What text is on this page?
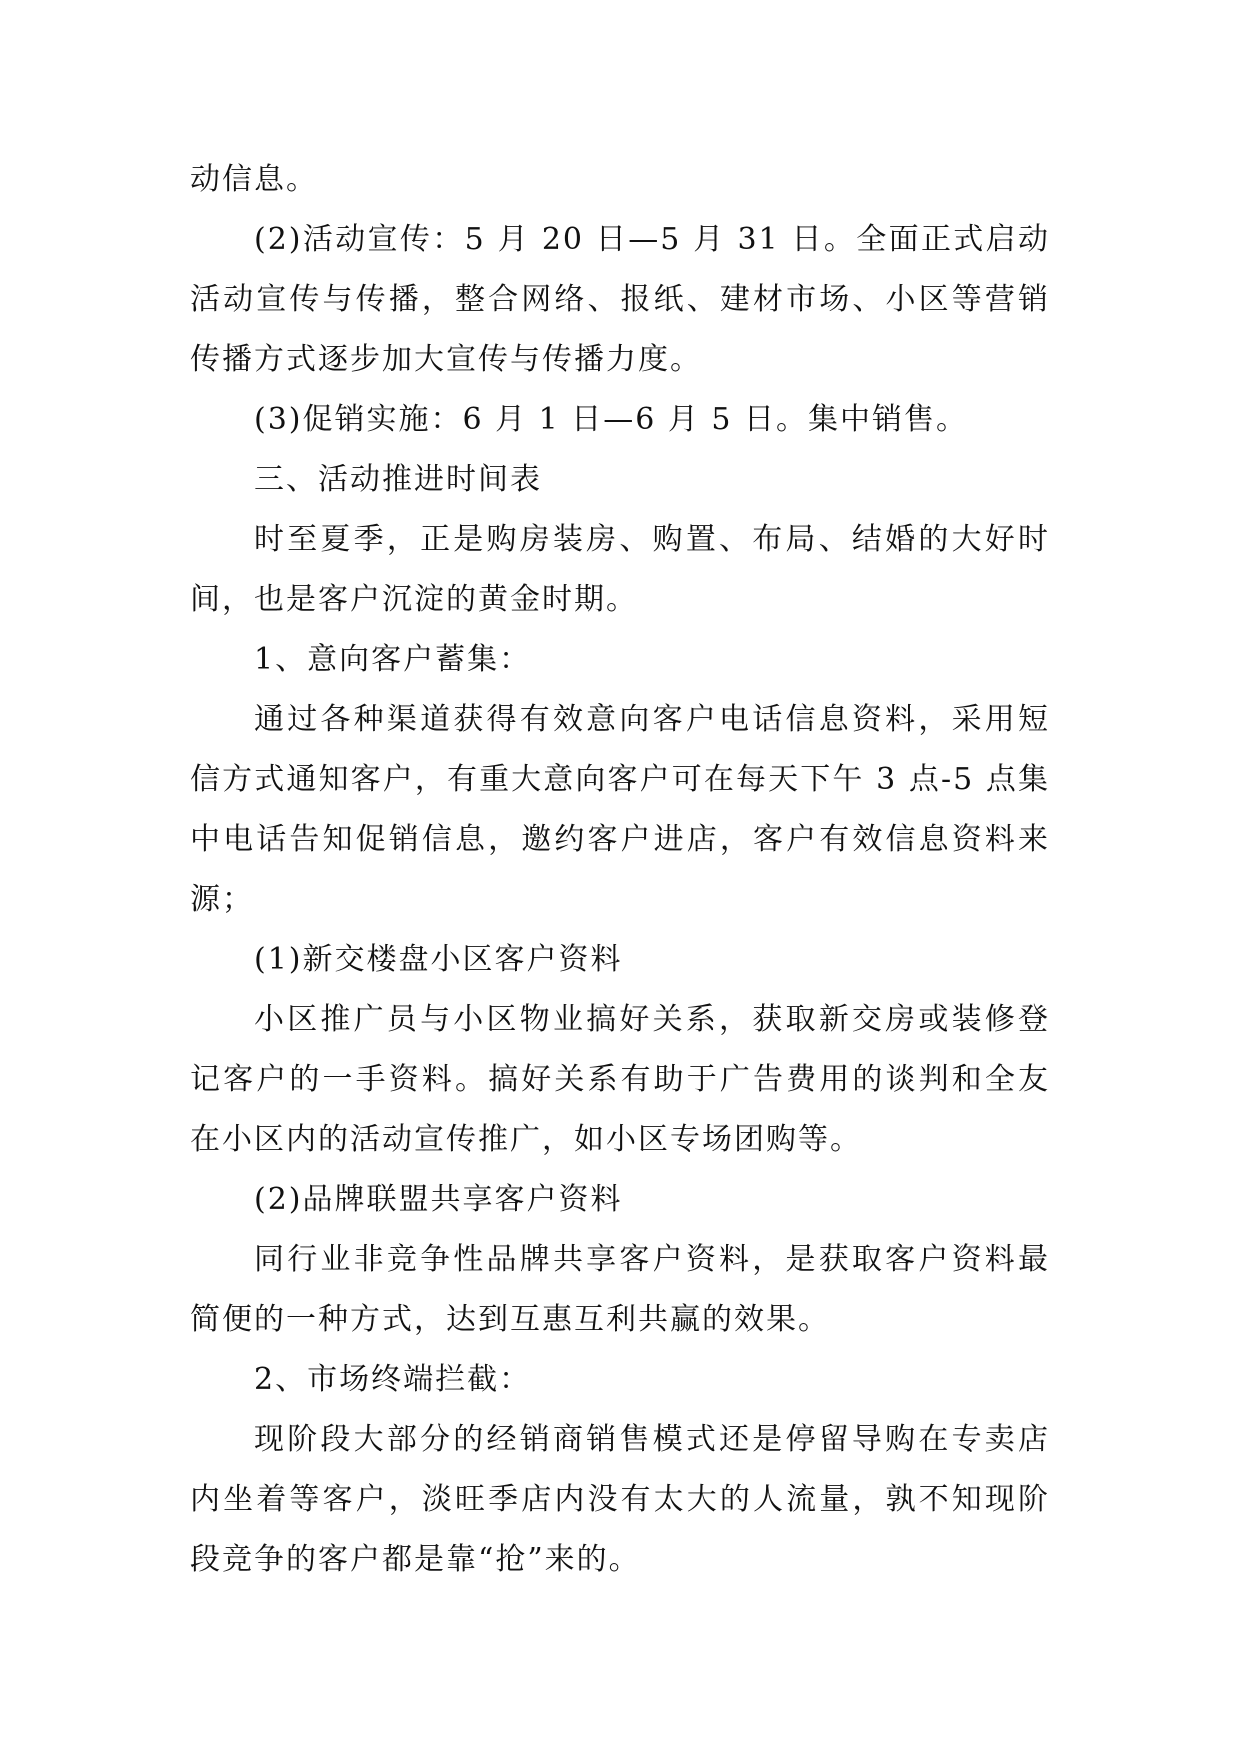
动信息。

(2)活动宣传：5 月 20 日—5 月 31 日。全面正式启动活动宣传与传播，整合网络、报纸、建材市场、小区等营销传播方式逐步加大宣传与传播力度。

(3)促销实施：6 月 1 日—6 月 5 日。集中销售。

三、活动推进时间表

时至夏季，正是购房装房、购置、布局、结婚的大好时间，也是客户沉淀的黄金时期。

1、意向客户蓄集：

通过各种渠道获得有效意向客户电话信息资料，采用短信方式通知客户，有重大意向客户可在每天下午 3 点-5 点集中电话告知促销信息，邀约客户进店，客户有效信息资料来源；

(1)新交楼盘小区客户资料

小区推广员与小区物业搞好关系，获取新交房或装修登记客户的一手资料。搞好关系有助于广告费用的谈判和全友在小区内的活动宣传推广，如小区专场团购等。

(2)品牌联盟共享客户资料

同行业非竞争性品牌共享客户资料，是获取客户资料最简便的一种方式，达到互惠互利共赢的效果。

2、市场终端拦截：

现阶段大部分的经销商销售模式还是停留导购在专卖店内坐着等客户，淡旺季店内没有太大的人流量，孰不知现阶段竞争的客户都是靠“抢”来的。
